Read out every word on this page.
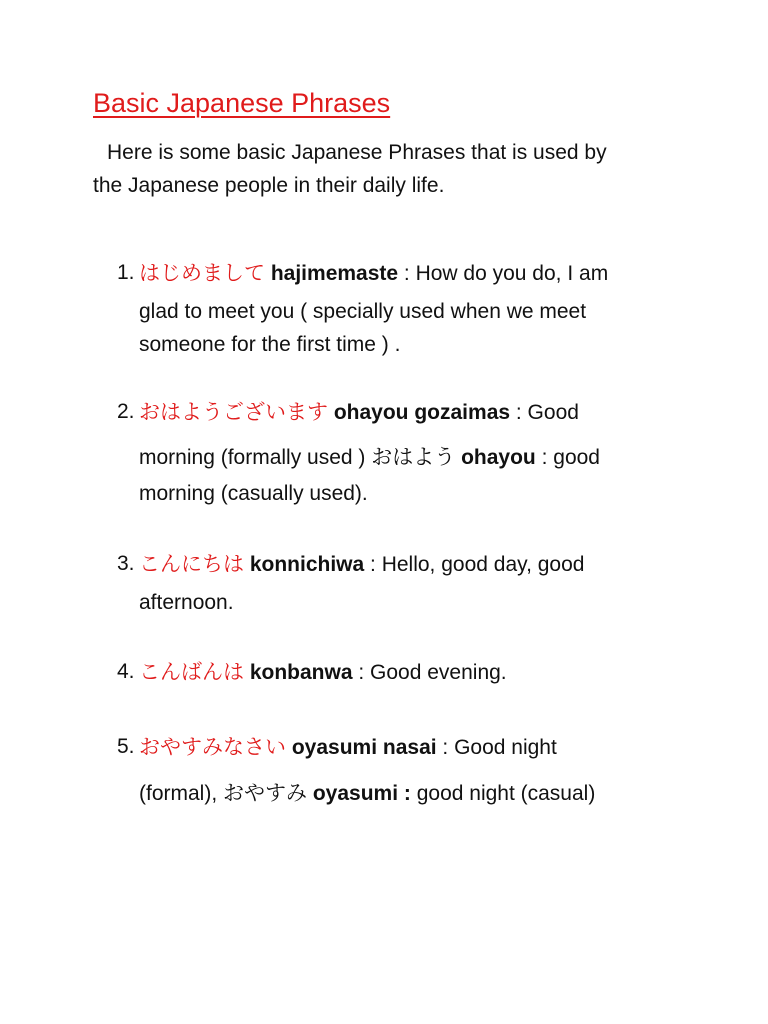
Basic Japanese Phrases

Here is some basic Japanese Phrases that is used by
the Japanese people in their daily life.

1. はじめまして hajimemaste : How do you do, I am
glad to meet you ( specially used when we meet
someone for the first time ) .
2. おはようございます ohayou gozaimas : Good
morning (formally used ) おはよう ohayou : good
morning (casually used).
3. こんにちは konnichiwa : Hello, good day, good
afternoon.
4. こんばんは konbanwa : Good evening.
5. おやすみなさい oyasumi nasai : Good night
(formal), おやすみ oyasumi : good night (casual)
